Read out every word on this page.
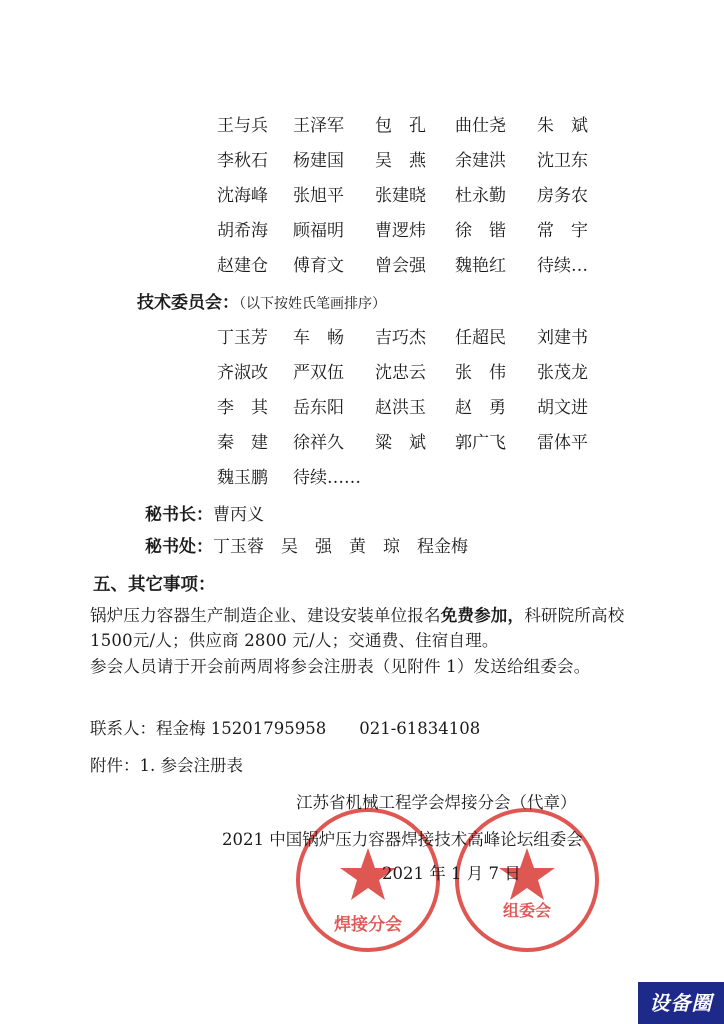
王与兵 王泽军 包　孔 曲仕尧 朱　斌
李秋石 杨建国 吴　燕 余建洪 沈卫东
沈海峰 张旭平 张建晓 杜永勤 房务农
胡希海 顾福明 曹逻炜 徐　锴 常　宇
赵建仓 傅育文 曾会强 魏艳红 待续…
技术委员会：（以下按姓氏笔画排序）
丁玉芳 车　畅 吉巧杰 任超民 刘建书
齐淑改 严双伍 沈忠云 张　伟 张茂龙
李　其 岳东阳 赵洪玉 赵　勇 胡文进
秦　建 徐祥久 粱　斌 郭广飞 雷体平
魏玉鹏 待续……
秘书长：曹丙义
秘书处：丁玉蓉　吴　强　黄　琼　程金梅
五、其它事项：
锅炉压力容器生产制造企业、建设安装单位报名免费参加，科研院所高校 1500元/人；供应商 2800 元/人；交通费、住宿自理。
参会人员请于开会前两周将参会注册表（见附件 1）发送给组委会。
联系人：程金梅 15201795958　　021-61834108
附件：1. 参会注册表
焊接分会
组委会
江苏省机械工程学会焊接分会（代章）
2021 中国锅炉压力容器焊接技术高峰论坛组委会
2021 年 1 月 7 日
设备圈
